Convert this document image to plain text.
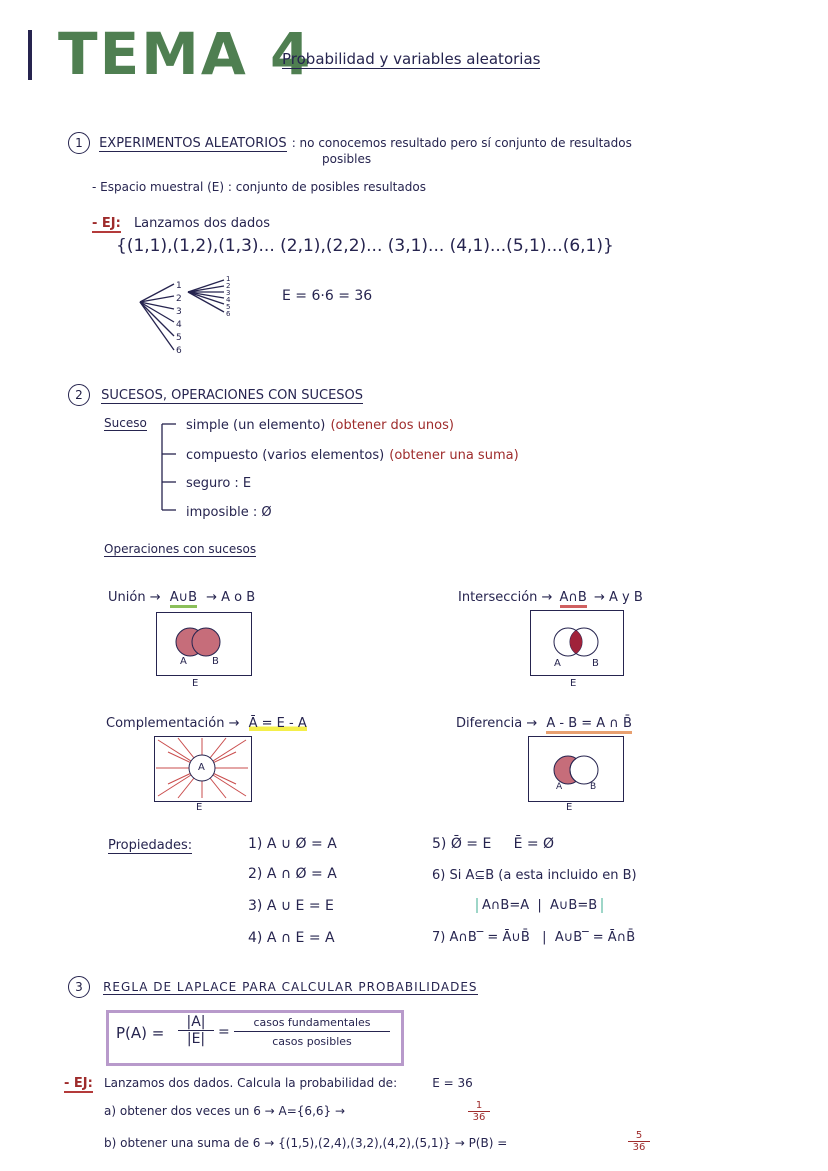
TEMA 4
Probabilidad y variables aleatorias
1 EXPERIMENTOS ALEATORIOS : no conocemos resultado pero sí conjunto de resultados
posibles
- Espacio muestral (E) : conjunto de posibles resultados
- EJ: Lanzamos dos dados
{(1,1),(1,2),(1,3)... (2,1),(2,2)... (3,1)... (4,1)...(5,1)...(6,1)}
1
2
3
4
5
6
1
2
3
4
5
6
E = 6·6 = 36
2 SUCESOS, OPERACIONES CON SUCESOS
Suceso	simple (un elemento) (obtener dos unos)
compuesto (varios elementos) (obtener una suma)
seguro : E
imposible : Ø
Operaciones con sucesos
Unión → A∪B → A o B
A	B
E
Intersección → A∩B → A y B
A	B
E
Complementación → Ā = E - A
A
E
Diferencia → A - B = A ∩ B̄
A	B
E
Propiedades:	1) A ∪ Ø = A
2) A ∩ Ø = A
3) A ∪ E = E
4) A ∩ E = A
5) Ø̄ = E     Ē = Ø
6) Si A⊆B (a esta incluido en B)
A∩B=A  |  A∪B=B
7) A∩B‾ = Ā∪B̄   |  A∪B‾ = Ā∩B̄
3 REGLA DE LAPLACE PARA CALCULAR PROBABILIDADES
$P(A) = \frac{|A|}{|E|}$ =
casos fundamentales
casos posibles
- EJ: Lanzamos dos dados. Calcula la probabilidad de:	E = 36
a) obtener dos veces un 6 → A={6,6} →	$\frac{1}{36}$
b) obtener una suma de 6 → {(1,5),(2,4),(3,2),(4,2),(5,1)} → P(B) =	$\frac{5}{36}$
